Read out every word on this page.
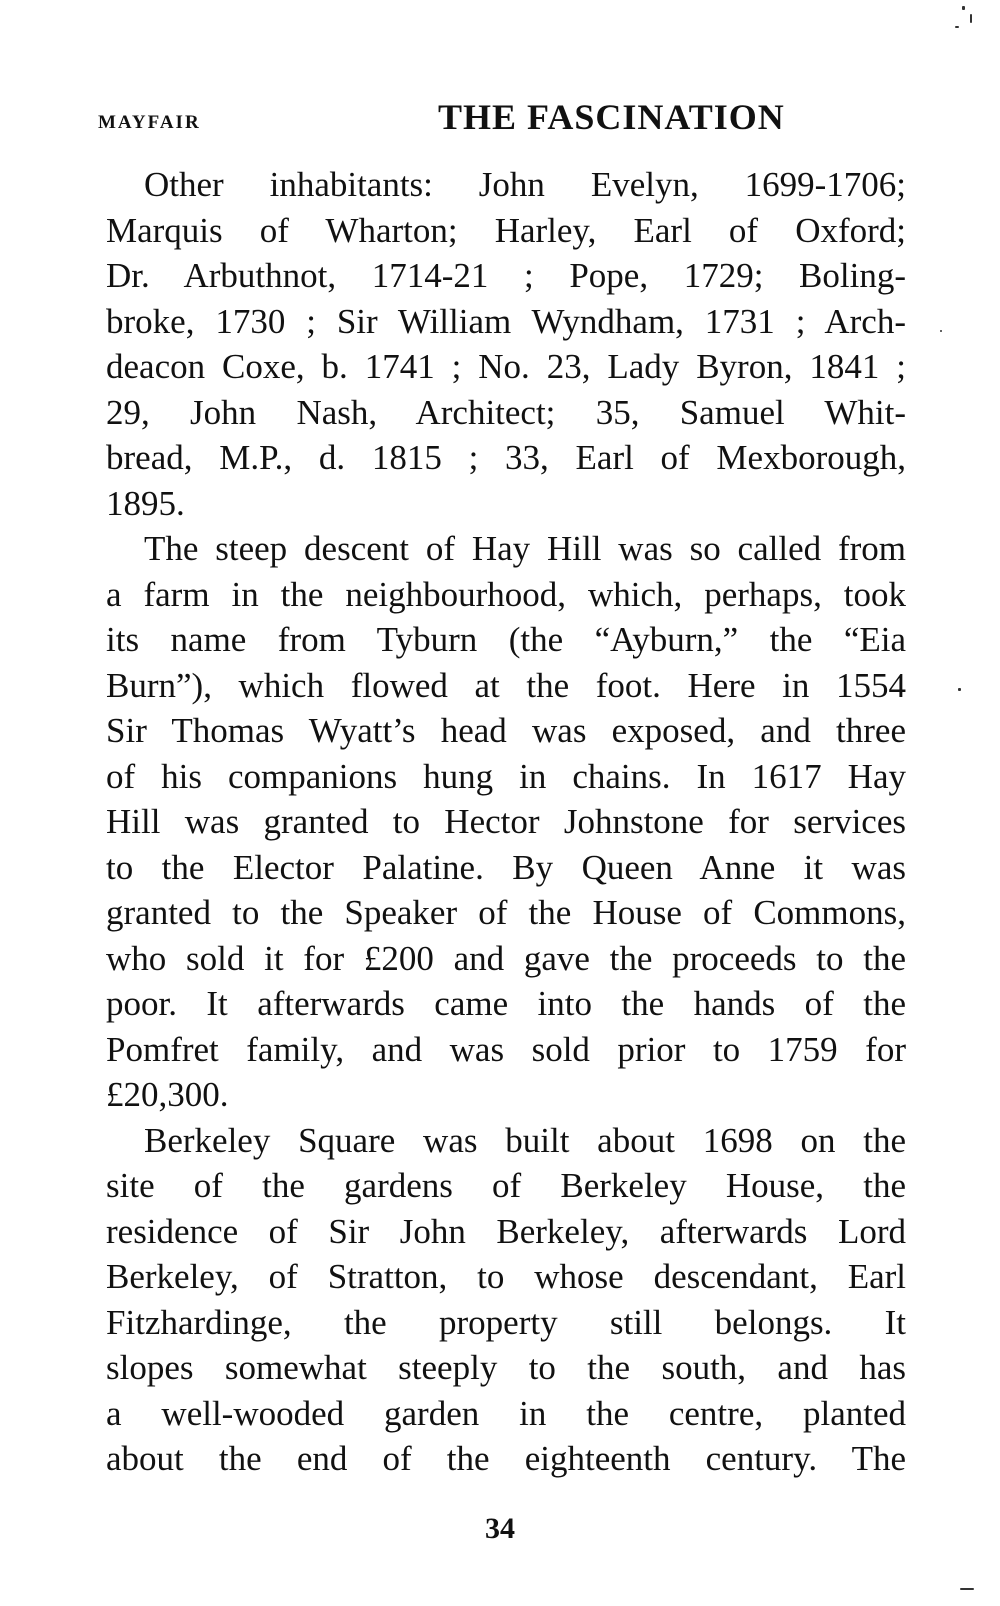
MAYFAIR	THE FASCINATION
Other inhabitants: John Evelyn, 1699-1706;
Marquis of Wharton; Harley, Earl of Oxford;
Dr. Arbuthnot, 1714-21 ; Pope, 1729; Boling-
broke, 1730 ; Sir William Wyndham, 1731 ; Arch-
deacon Coxe, b. 1741 ; No. 23, Lady Byron, 1841 ;
29, John Nash, Architect; 35, Samuel Whit-
bread, M.P., d. 1815 ; 33, Earl of Mexborough,
1895.
The steep descent of Hay Hill was so called from
a farm in the neighbourhood, which, perhaps, took
its name from Tyburn (the “Ayburn,” the “Eia
Burn”), which flowed at the foot. Here in 1554
Sir Thomas Wyatt’s head was exposed, and three
of his companions hung in chains. In 1617 Hay
Hill was granted to Hector Johnstone for services
to the Elector Palatine. By Queen Anne it was
granted to the Speaker of the House of Commons,
who sold it for £200 and gave the proceeds to the
poor. It afterwards came into the hands of the
Pomfret family, and was sold prior to 1759 for
£20,300.
Berkeley Square was built about 1698 on the
site of the gardens of Berkeley House, the
residence of Sir John Berkeley, afterwards Lord
Berkeley, of Stratton, to whose descendant, Earl
Fitzhardinge, the property still belongs. It
slopes somewhat steeply to the south, and has
a well-wooded garden in the centre, planted
about the end of the eighteenth century. The
34
